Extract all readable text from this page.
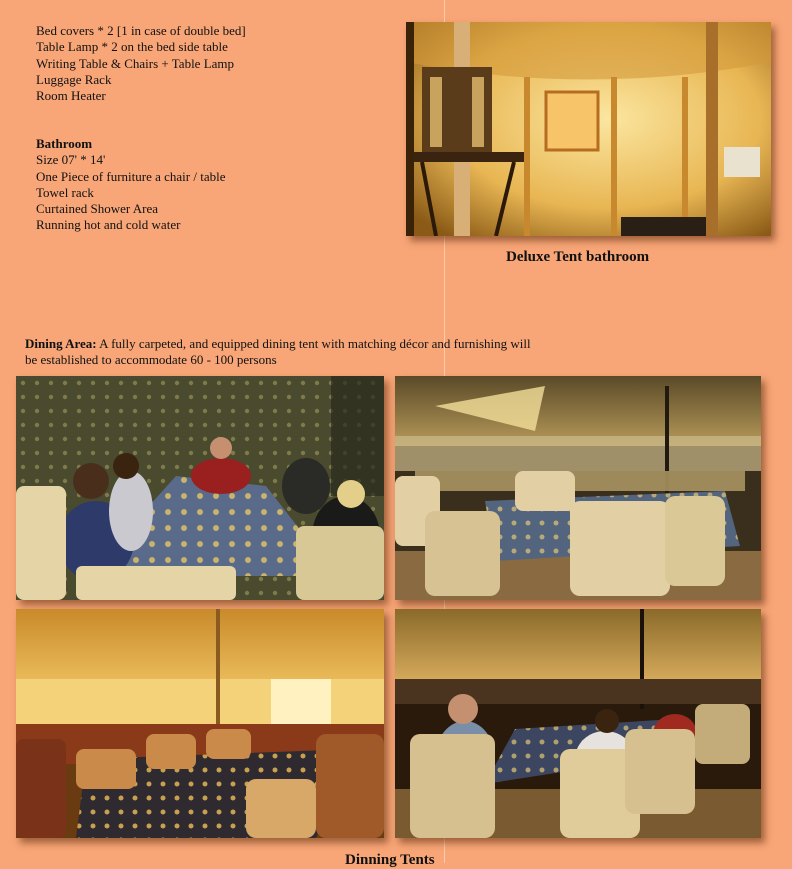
Bed covers * 2 [1 in case of double bed]
Table Lamp * 2 on the bed side table
Writing Table & Chairs + Table Lamp
Luggage Rack
Room Heater
Bathroom
Size 07' * 14'
One Piece of furniture a chair / table
Towel rack
Curtained Shower Area
Running hot and cold water
Deluxe Tent bathroom
Dining Area: A fully carpeted, and equipped dining tent with matching décor and furnishing will
be established to accommodate 60 - 100 persons
Dinning Tents
